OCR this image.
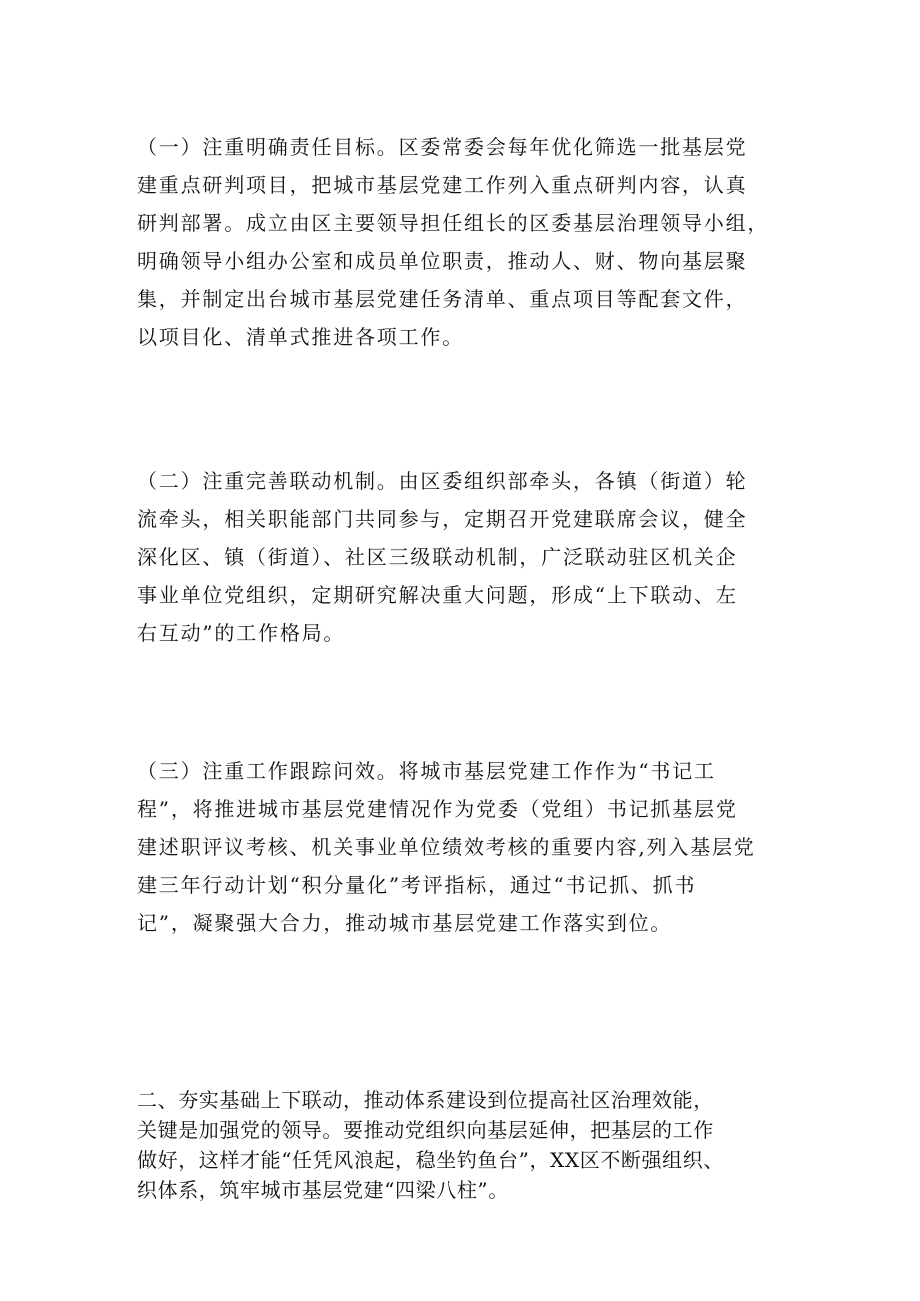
（一）注重明确责任目标。区委常委会每年优化筛选一批基层党
建重点研判项目，把城市基层党建工作列入重点研判内容，认真
研判部署。成立由区主要领导担任组长的区委基层治理领导小组，
明确领导小组办公室和成员单位职责，推动人、财、物向基层聚
集，并制定出台城市基层党建任务清单、重点项目等配套文件，
以项目化、清单式推进各项工作。
（二）注重完善联动机制。由区委组织部牵头，各镇（街道）轮
流牵头，相关职能部门共同参与，定期召开党建联席会议，健全
深化区、镇（街道）、社区三级联动机制，广泛联动驻区机关企
事业单位党组织，定期研究解决重大问题，形成“上下联动、左
右互动”的工作格局。
（三）注重工作跟踪问效。将城市基层党建工作作为“书记工
程”，将推进城市基层党建情况作为党委（党组）书记抓基层党
建述职评议考核、机关事业单位绩效考核的重要内容,列入基层党
建三年行动计划“积分量化”考评指标，通过“书记抓、抓书
记”，凝聚强大合力，推动城市基层党建工作落实到位。
二、夯实基础上下联动，推动体系建设到位提高社区治理效能，
关键是加强党的领导。要推动党组织向基层延伸，把基层的工作
做好，这样才能“任凭风浪起，稳坐钓鱼台”，XX区不断强组织、
织体系，筑牢城市基层党建“四梁八柱”。
